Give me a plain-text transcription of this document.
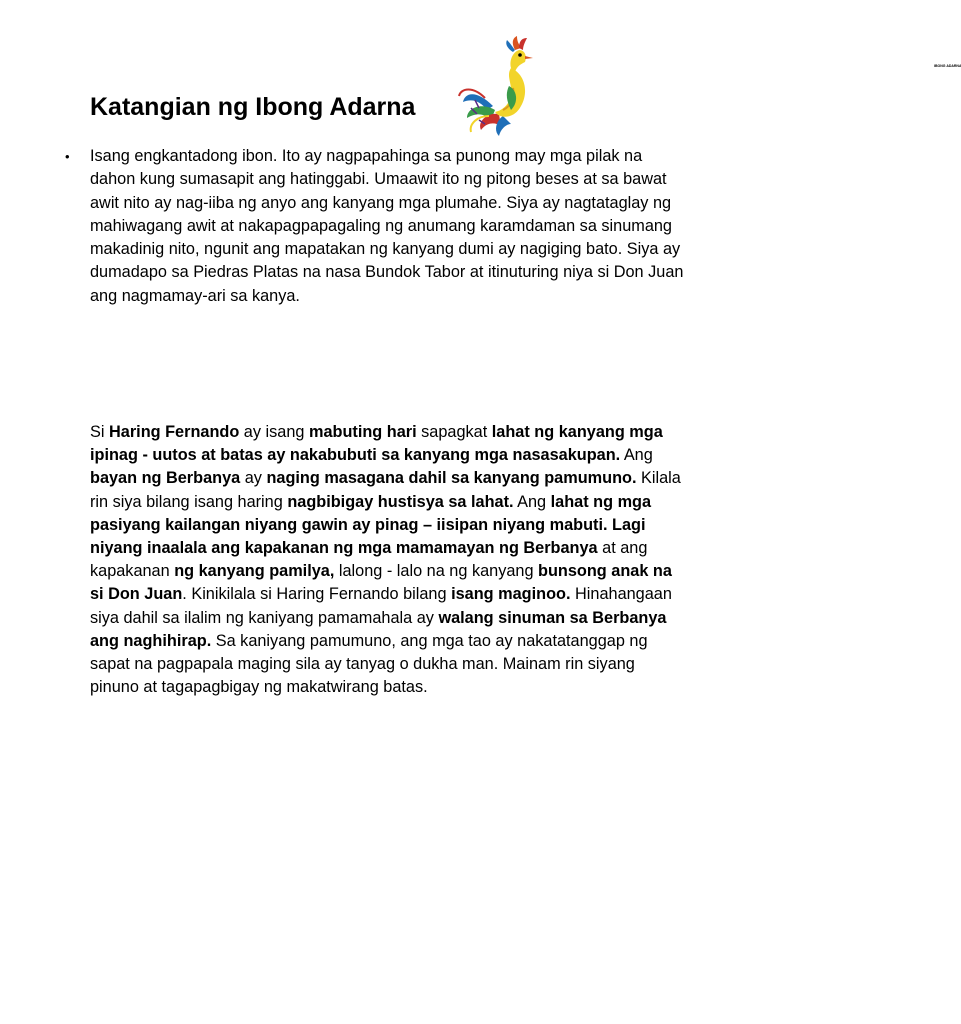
Katangian ng Ibong Adarna
IBONG ADARNA
• Isang engkantadong ibon. Ito ay nagpapahinga sa punong may mga pilak na dahon kung sumasapit ang hatinggabi. Umaawit ito ng pitong beses at sa bawat awit nito ay nag-iiba ng anyo ang kanyang mga plumahe. Siya ay nagtataglay ng mahiwagang awit at nakapagpapagaling ng anumang karamdaman sa sinumang makadinig nito, ngunit ang mapatakan ng kanyang dumi ay nagiging bato. Siya ay dumadapo sa Piedras Platas na nasa Bundok Tabor at itinuturing niya si Don Juan ang nagmamay-ari sa kanya.

Si Haring Fernando ay isang mabuting hari sapagkat lahat ng kanyang mga ipinag - uutos at batas ay nakabubuti sa kanyang mga nasasakupan. Ang bayan ng Berbanya ay naging masagana dahil sa kanyang pamumuno. Kilala rin siya bilang isang haring nagbibigay hustisya sa lahat. Ang lahat ng mga pasiyang kailangan niyang gawin ay pinag – iisipan niyang mabuti. Lagi niyang inaalala ang kapakanan ng mga mamamayan ng Berbanya at ang kapakanan ng kanyang pamilya, lalong - lalo na ng kanyang bunsong anak na si Don Juan. Kinikilala si Haring Fernando bilang isang maginoo. Hinahangaan siya dahil sa ilalim ng kaniyang pamamahala ay walang sinuman sa Berbanya ang naghihirap. Sa kaniyang pamumuno, ang mga tao ay nakatatanggap ng sapat na pagpapala maging sila ay tanyag o dukha man. Mainam rin siyang pinuno at tagapagbigay ng makatwirang batas.
